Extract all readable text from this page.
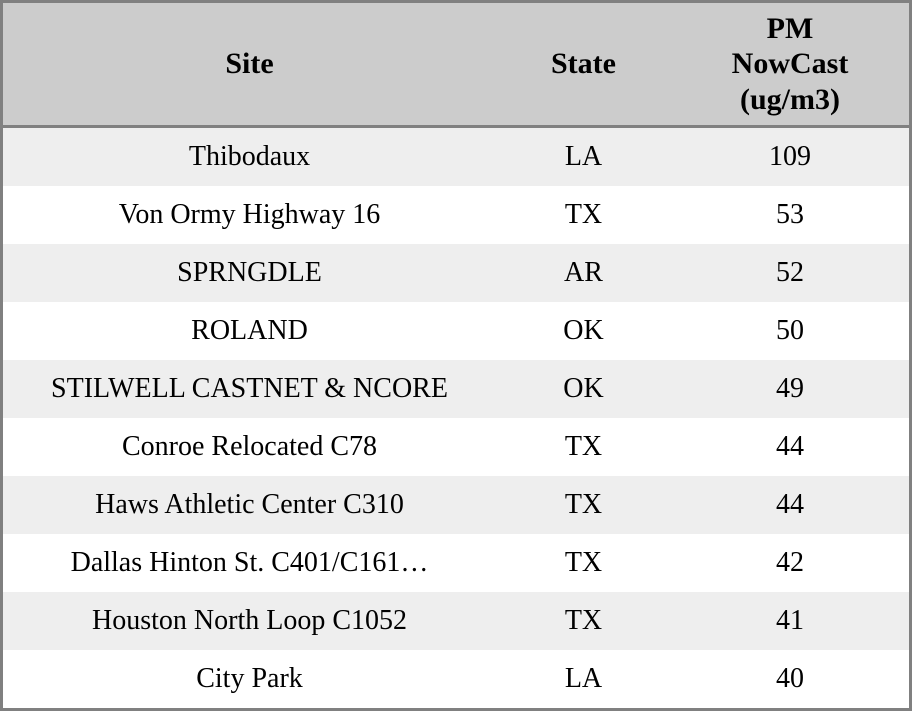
Site	State	PM
NowCast
(ug/m3)

Thibodaux	LA	109
Von Ormy Highway 16	TX	53
SPRNGDLE	AR	52
ROLAND	OK	50
STILWELL CASTNET & NCORE	OK	49
Conroe Relocated C78	TX	44
Haws Athletic Center C310	TX	44
Dallas Hinton St. C401/C161…	TX	42
Houston North Loop C1052	TX	41
City Park	LA	40
